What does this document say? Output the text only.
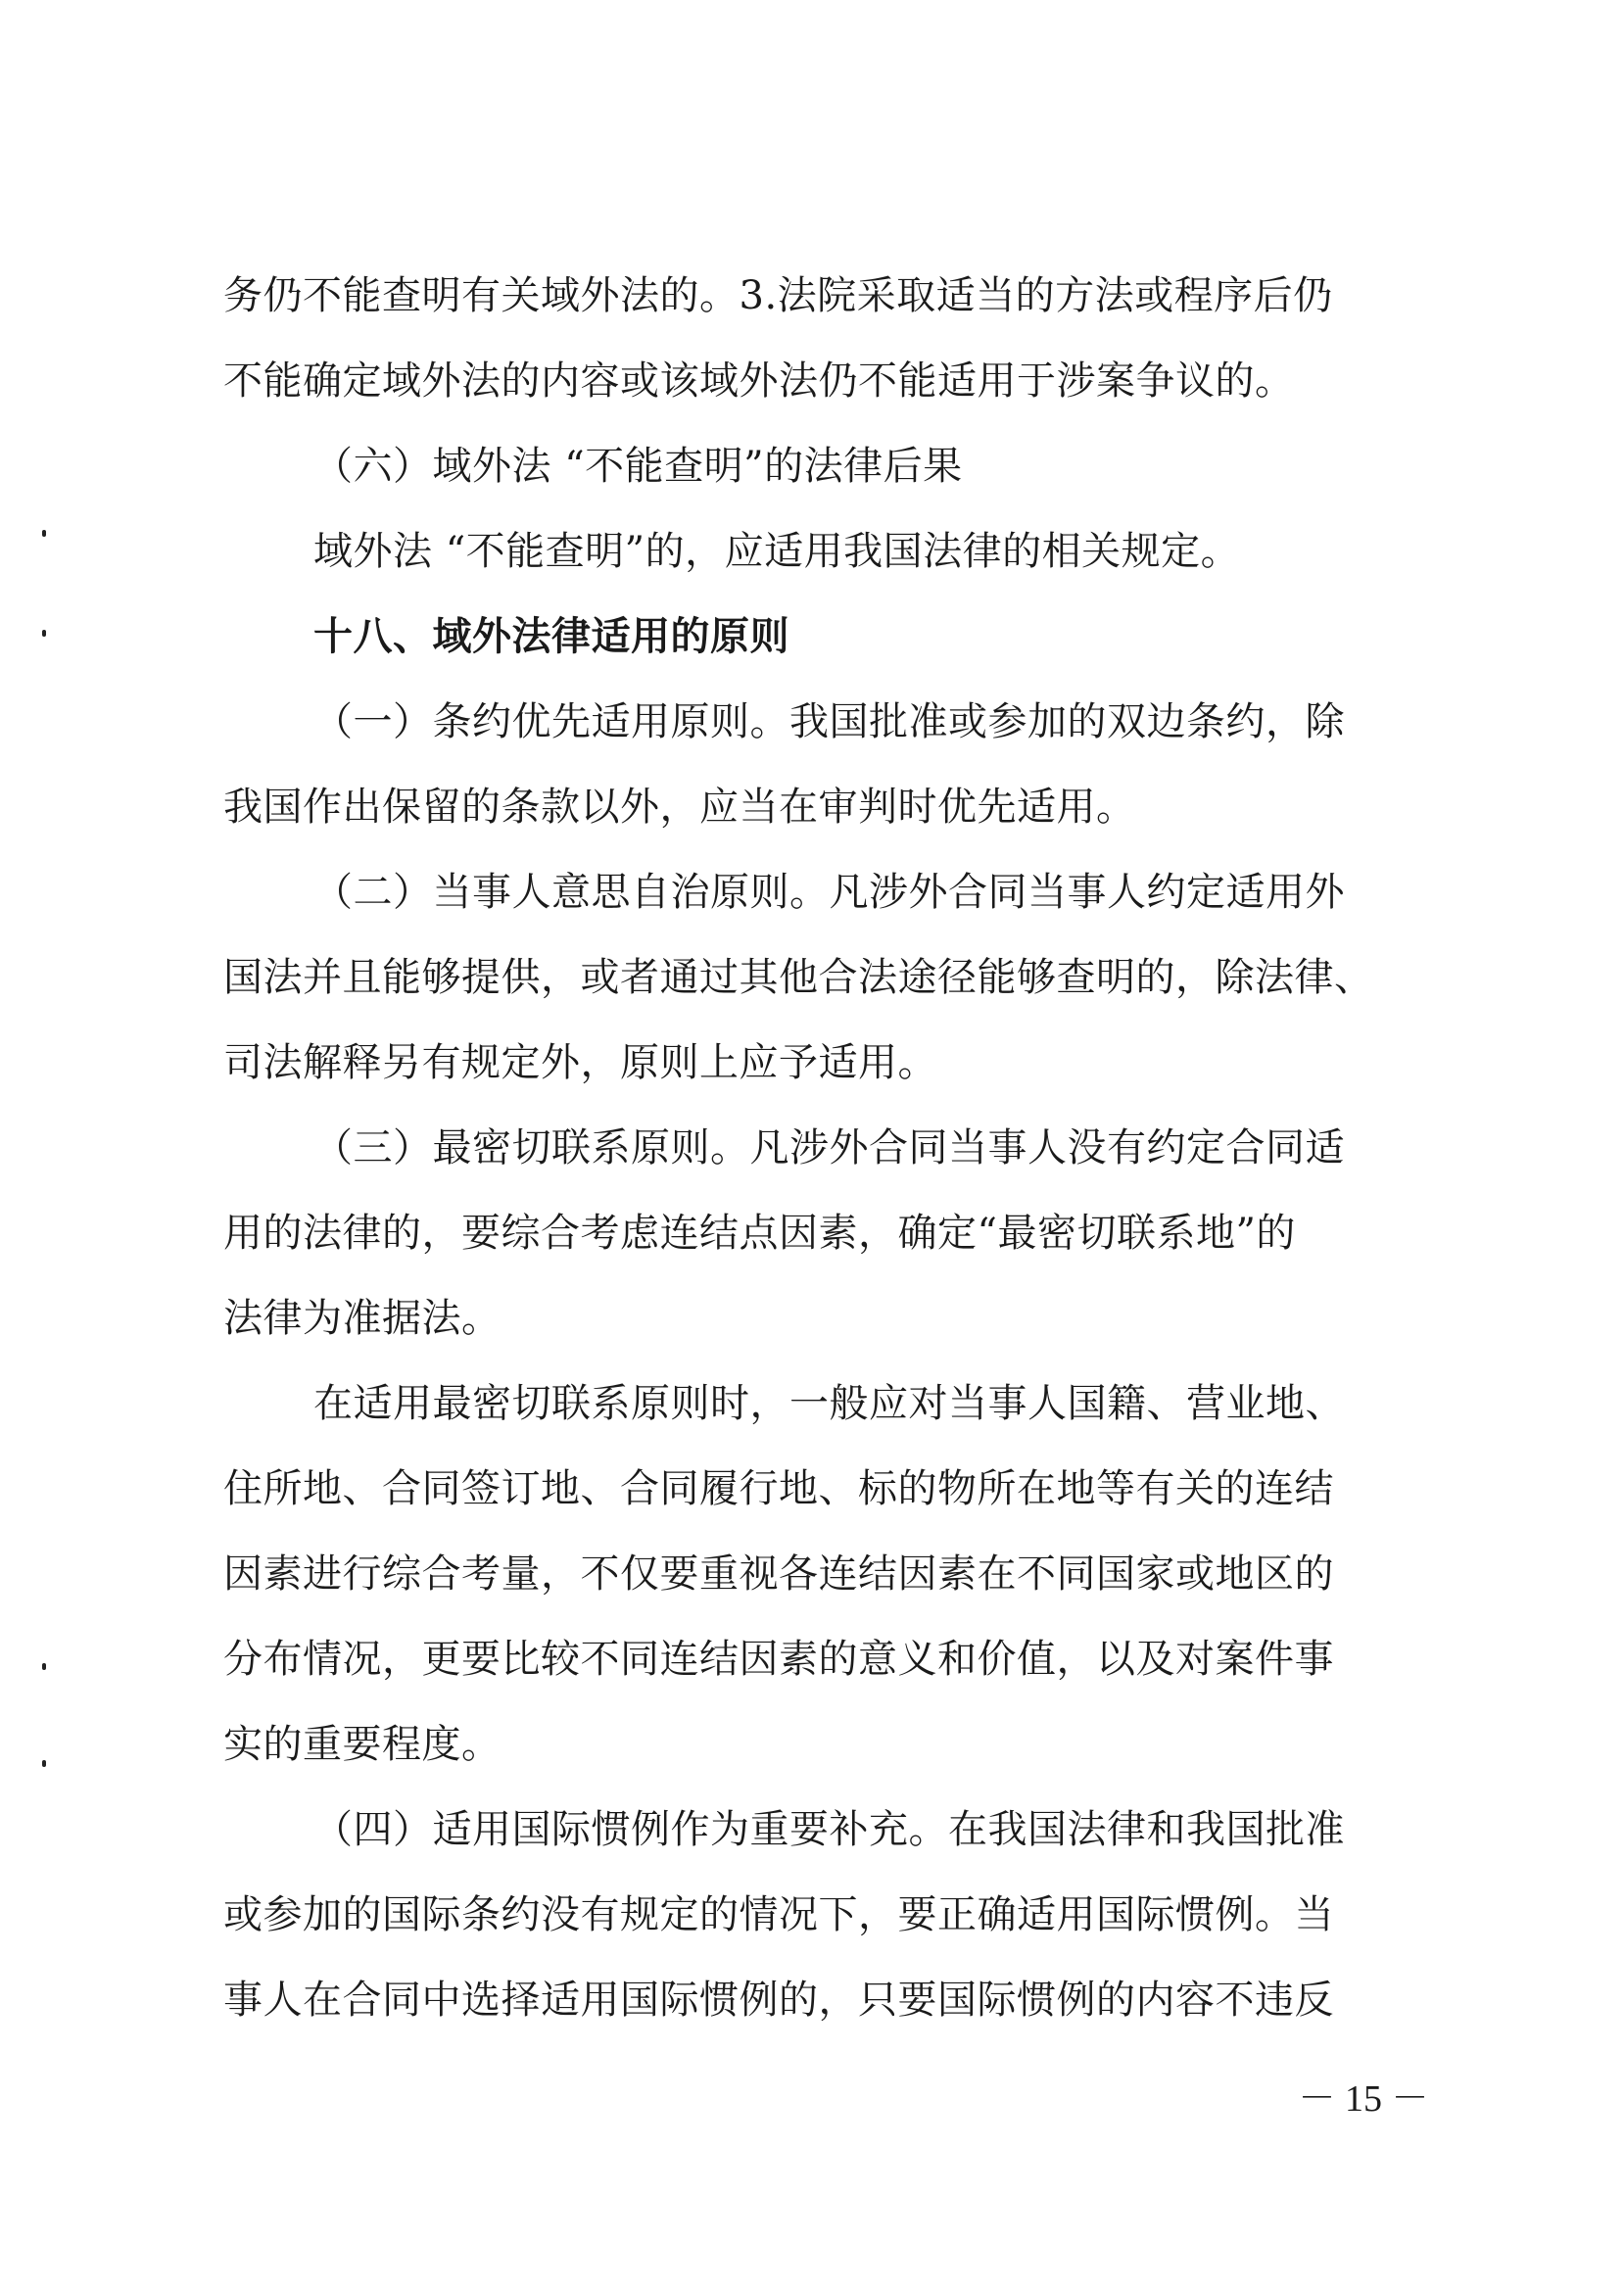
务仍不能查明有关域外法的。3.法院采取适当的方法或程序后仍
不能确定域外法的内容或该域外法仍不能适用于涉案争议的。
（六）域外法 “不能查明”的法律后果
域外法 “不能查明”的，应适用我国法律的相关规定。
十八、域外法律适用的原则
（一）条约优先适用原则。我国批准或参加的双边条约，除
我国作出保留的条款以外，应当在审判时优先适用。
（二）当事人意思自治原则。凡涉外合同当事人约定适用外
国法并且能够提供，或者通过其他合法途径能够查明的，除法律、
司法解释另有规定外，原则上应予适用。
（三）最密切联系原则。凡涉外合同当事人没有约定合同适
用的法律的，要综合考虑连结点因素，确定“最密切联系地”的
法律为准据法。
在适用最密切联系原则时，一般应对当事人国籍、营业地、
住所地、合同签订地、合同履行地、标的物所在地等有关的连结
因素进行综合考量，不仅要重视各连结因素在不同国家或地区的
分布情况，更要比较不同连结因素的意义和价值，以及对案件事
实的重要程度。
（四）适用国际惯例作为重要补充。在我国法律和我国批准
或参加的国际条约没有规定的情况下，要正确适用国际惯例。当
事人在合同中选择适用国际惯例的，只要国际惯例的内容不违反
－ 15 －
